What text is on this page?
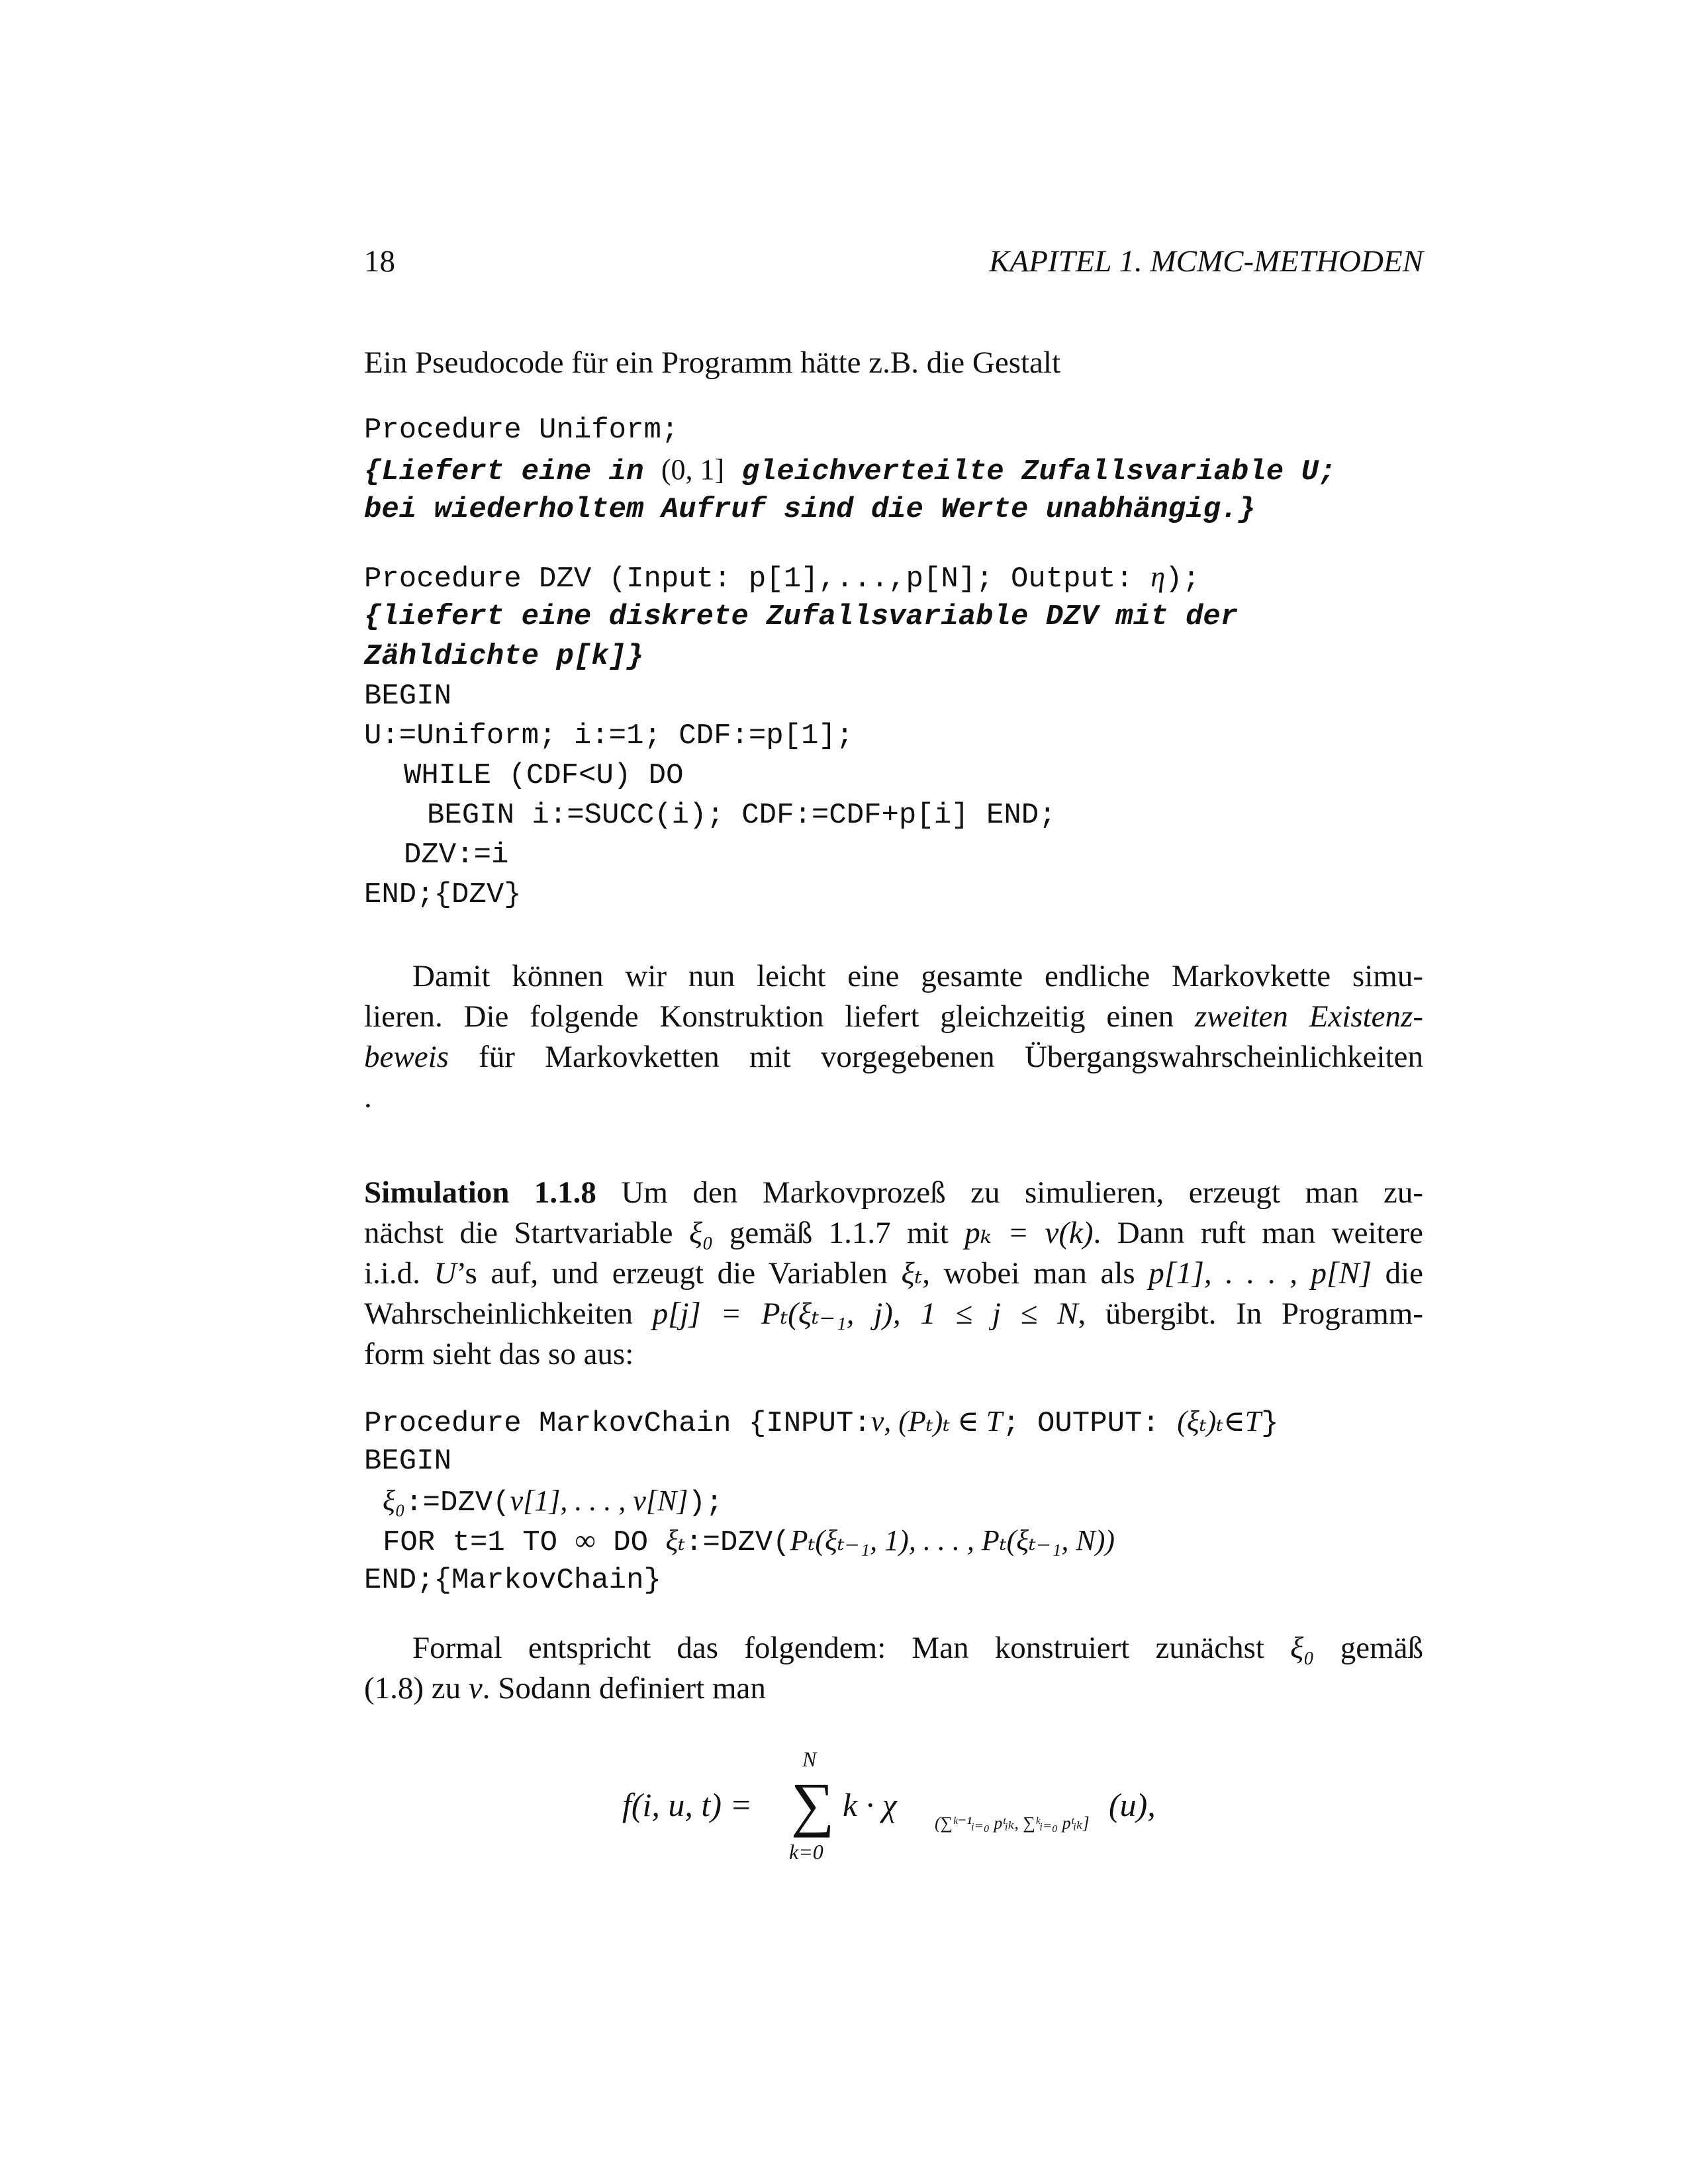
18	KAPITEL 1. MCMC-METHODEN
Ein Pseudocode für ein Programm hätte z.B. die Gestalt
Procedure Uniform;
{Liefert eine in (0, 1] gleichverteilte Zufallsvariable U;
bei wiederholtem Aufruf sind die Werte unabhängig.}
Procedure DZV (Input: p[1],...,p[N]; Output: η);
{liefert eine diskrete Zufallsvariable DZV mit der
Zähldichte p[k]}
BEGIN
U:=Uniform; i:=1; CDF:=p[1];
WHILE (CDF<U) DO
BEGIN i:=SUCC(i); CDF:=CDF+p[i] END;
DZV:=i
END;{DZV}
Damit können wir nun leicht eine gesamte endliche Markovkette simu-
lieren. Die folgende Konstruktion liefert gleichzeitig einen zweiten Existenz-
beweis für Markovketten mit vorgegebenen Übergangswahrscheinlichkeiten
.
Simulation 1.1.8 Um den Markovprozeß zu simulieren, erzeugt man zu-
nächst die Startvariable ξ₀ gemäß 1.1.7 mit pₖ = ν(k). Dann ruft man weitere
i.i.d. U’s auf, und erzeugt die Variablen ξₜ, wobei man als p[1], . . . , p[N] die
Wahrscheinlichkeiten p[j] = Pₜ(ξₜ₋₁, j), 1 ≤ j ≤ N, übergibt. In Programm-
form sieht das so aus:
Procedure MarkovChain {INPUT:ν, (Pₜ)ₜ ∈ T; OUTPUT: (ξₜ)ₜ∈T}
BEGIN
ξ₀:=DZV(ν[1], . . . , ν[N]);
FOR t=1 TO ∞ DO ξₜ:=DZV(Pₜ(ξₜ₋₁, 1), . . . , Pₜ(ξₜ₋₁, N))
END;{MarkovChain}
Formal entspricht das folgendem: Man konstruiert zunächst ξ₀ gemäß
(1.8) zu ν. Sodann definiert man
f(i, u, t) = ∑
N
k=0
k · χ (∑ᵏ⁻¹ᵢ₌₀ pᵗᵢₖ, ∑ᵏᵢ₌₀ pᵗᵢₖ] (u),
